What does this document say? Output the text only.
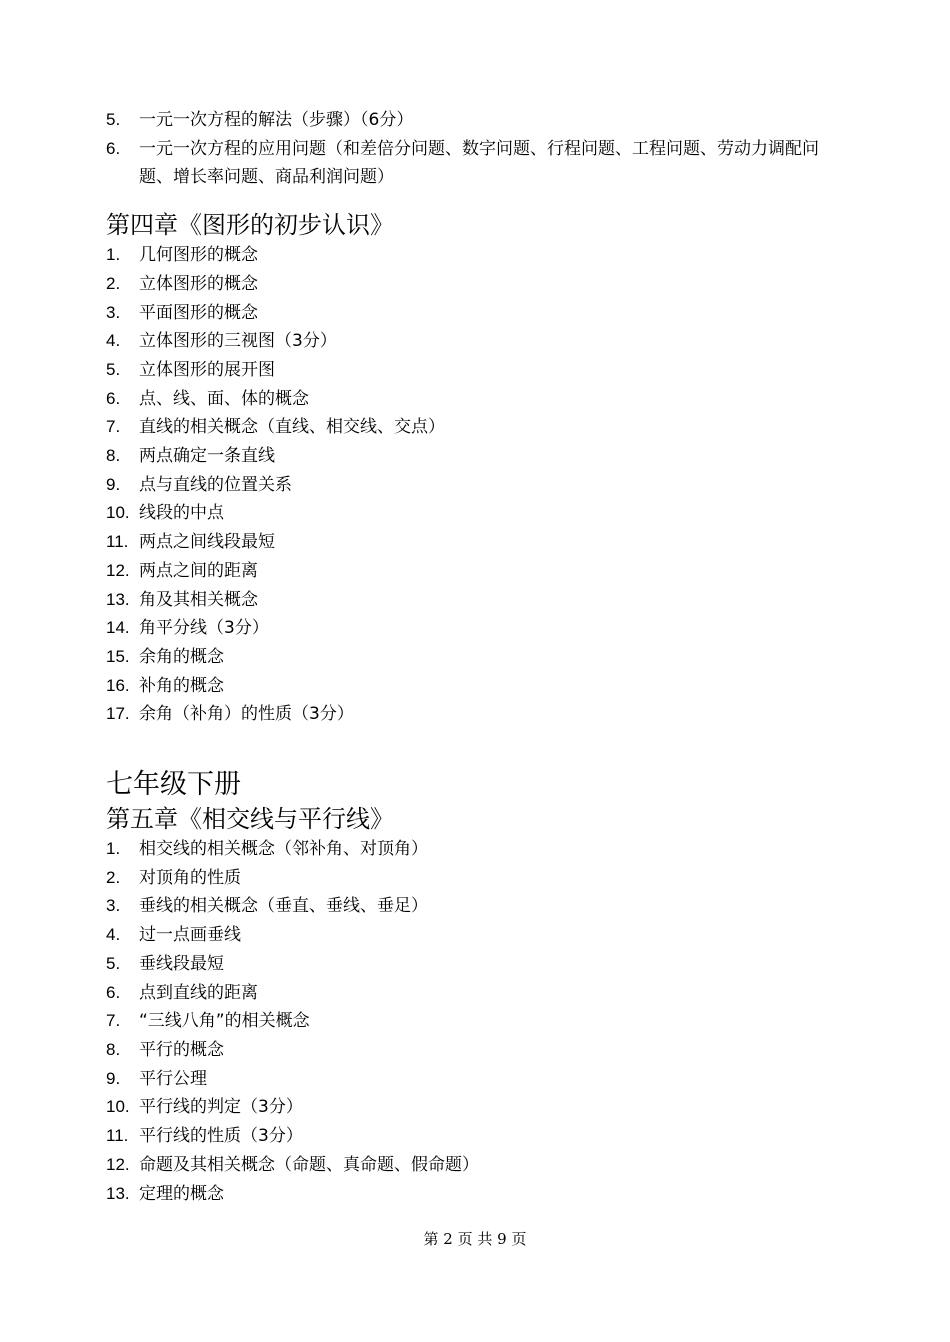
5. 一元一次方程的解法（步骤）（6分）
6. 一元一次方程的应用问题（和差倍分问题、数字问题、行程问题、工程问题、劳动力调配问题、增长率问题、商品利润问题）
第四章《图形的初步认识》
1. 几何图形的概念
2. 立体图形的概念
3. 平面图形的概念
4. 立体图形的三视图（3分）
5. 立体图形的展开图
6. 点、线、面、体的概念
7. 直线的相关概念（直线、相交线、交点）
8. 两点确定一条直线
9. 点与直线的位置关系
10. 线段的中点
11. 两点之间线段最短
12. 两点之间的距离
13. 角及其相关概念
14. 角平分线（3分）
15. 余角的概念
16. 补角的概念
17. 余角（补角）的性质（3分）
七年级下册
第五章《相交线与平行线》
1. 相交线的相关概念（邻补角、对顶角）
2. 对顶角的性质
3. 垂线的相关概念（垂直、垂线、垂足）
4. 过一点画垂线
5. 垂线段最短
6. 点到直线的距离
7. “三线八角”的相关概念
8. 平行的概念
9. 平行公理
10. 平行线的判定（3分）
11. 平行线的性质（3分）
12. 命题及其相关概念（命题、真命题、假命题）
13. 定理的概念
第 2 页 共 9 页
